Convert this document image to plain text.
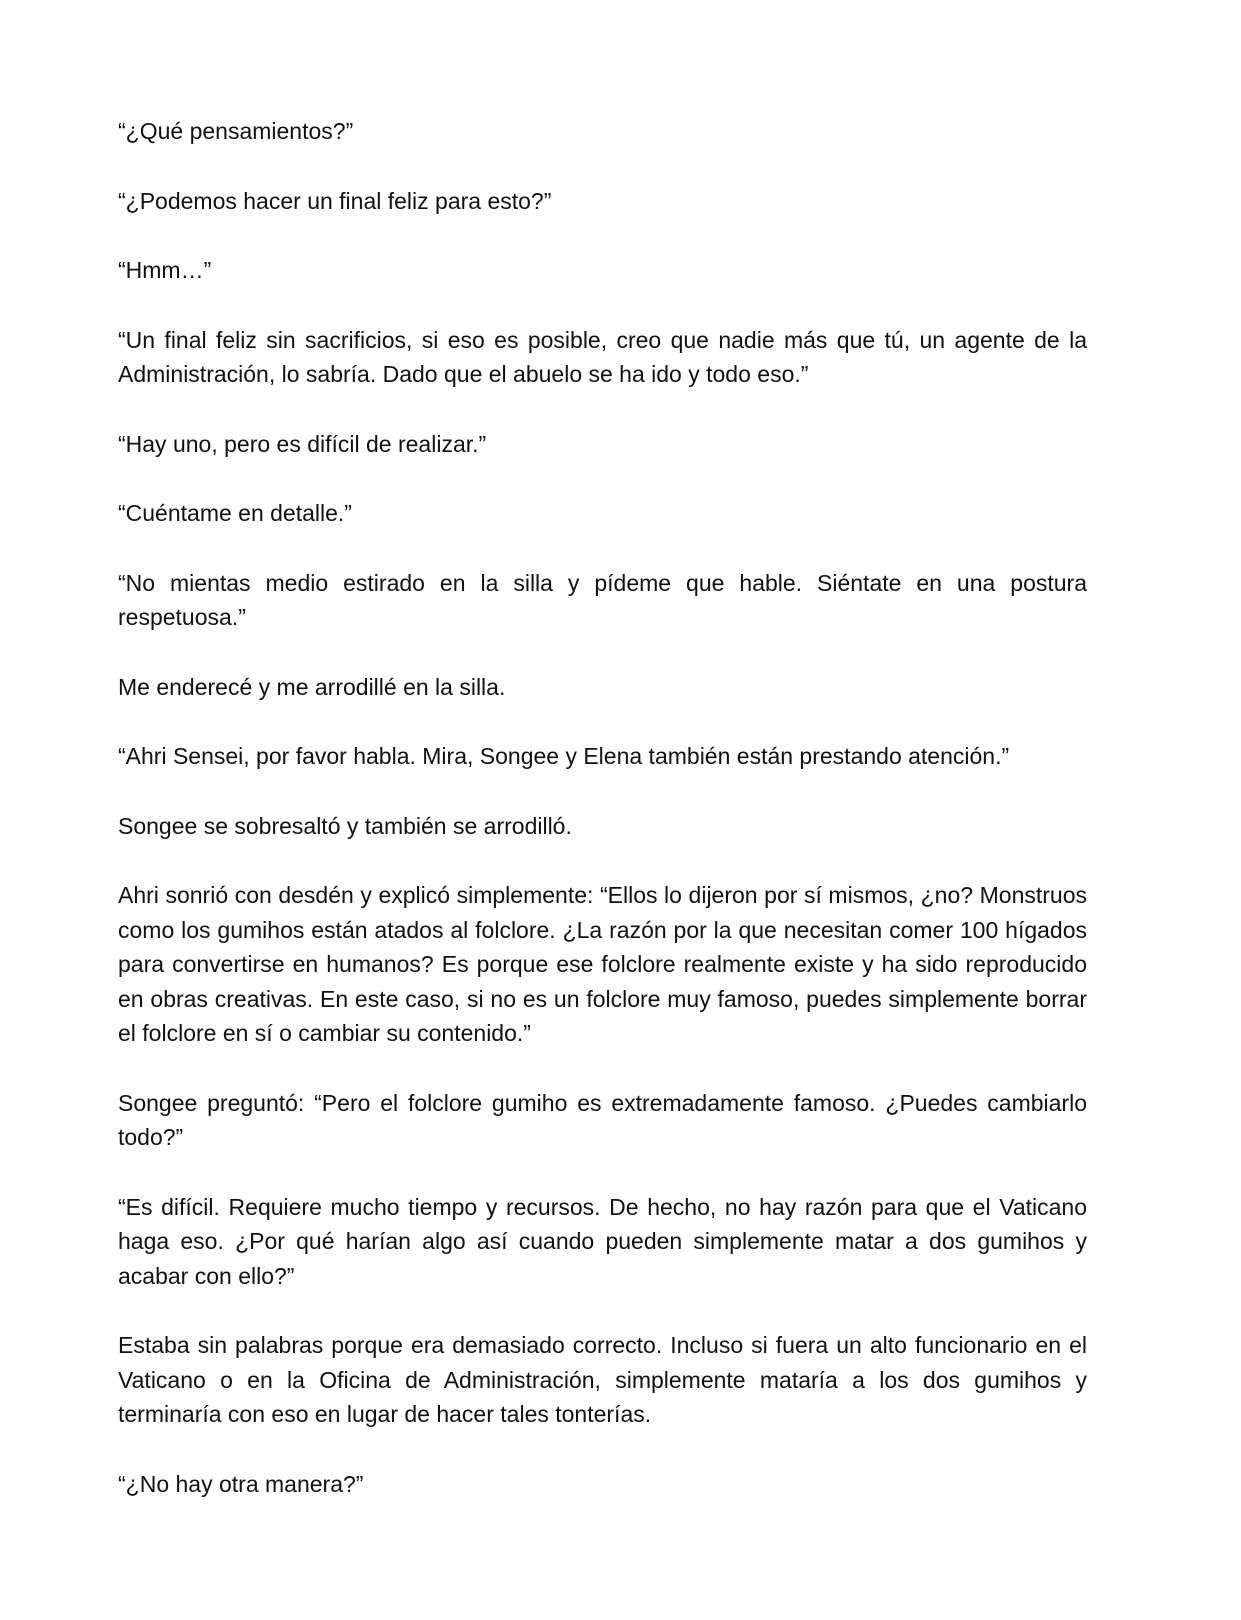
“¿Qué pensamientos?”

“¿Podemos hacer un final feliz para esto?”

“Hmm…”

“Un final feliz sin sacrificios, si eso es posible, creo que nadie más que tú, un agente de la Administración, lo sabría. Dado que el abuelo se ha ido y todo eso.”

“Hay uno, pero es difícil de realizar.”

“Cuéntame en detalle.”

“No mientas medio estirado en la silla y pídeme que hable. Siéntate en una postura respetuosa.”

Me enderecé y me arrodillé en la silla.

“Ahri Sensei, por favor habla. Mira, Songee y Elena también están prestando atención.”

Songee se sobresaltó y también se arrodilló.

Ahri sonrió con desdén y explicó simplemente: “Ellos lo dijeron por sí mismos, ¿no? Monstruos como los gumihos están atados al folclore. ¿La razón por la que necesitan comer 100 hígados para convertirse en humanos? Es porque ese folclore realmente existe y ha sido reproducido en obras creativas. En este caso, si no es un folclore muy famoso, puedes simplemente borrar el folclore en sí o cambiar su contenido.”

Songee preguntó: “Pero el folclore gumiho es extremadamente famoso. ¿Puedes cambiarlo todo?”

“Es difícil. Requiere mucho tiempo y recursos. De hecho, no hay razón para que el Vaticano haga eso. ¿Por qué harían algo así cuando pueden simplemente matar a dos gumihos y acabar con ello?”

Estaba sin palabras porque era demasiado correcto. Incluso si fuera un alto funcionario en el Vaticano o en la Oficina de Administración, simplemente mataría a los dos gumihos y terminaría con eso en lugar de hacer tales tonterías.

“¿No hay otra manera?”
